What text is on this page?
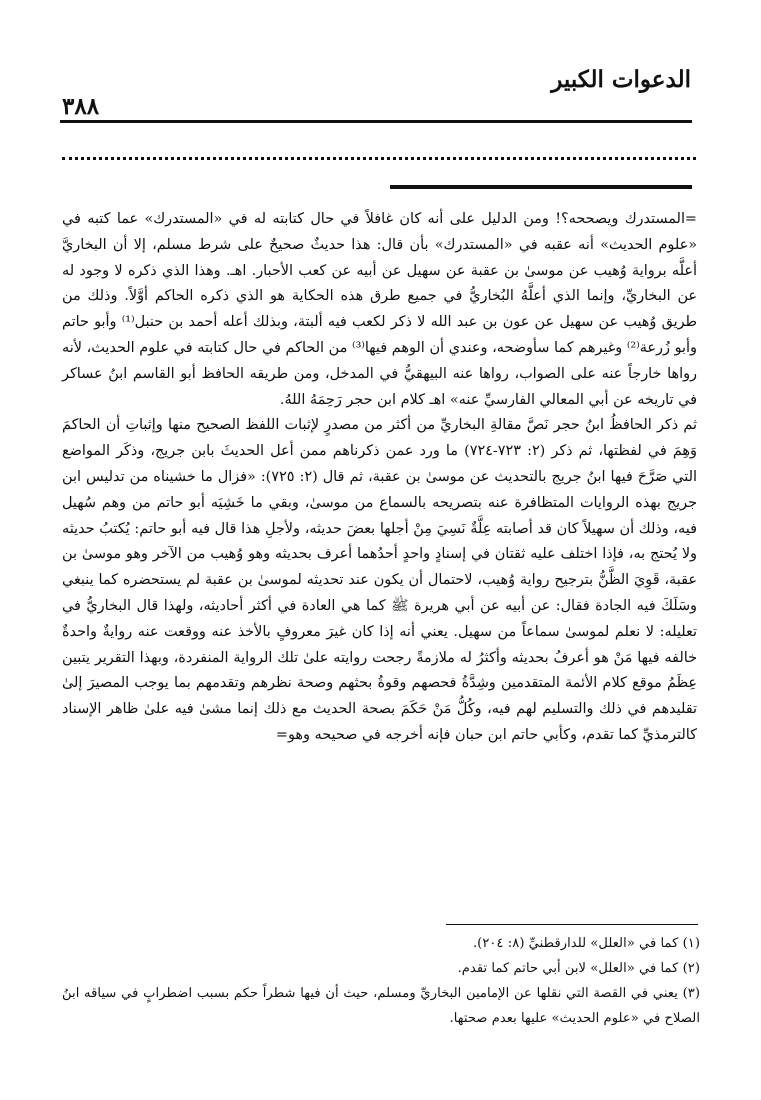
الدعوات الكبير
٣٨٨

=المستدرك ويصححه؟! ومن الدليل على أنه كان غافلاً في حال كتابته له في «المستدرك» عما كتبه في «علوم الحديث» أنه عقبه في «المستدرك» بأن قال: هذا حديثٌ صحيحٌ على شرط مسلم، إلا أن البخاريَّ أعلَّه برواية وُهيب عن موسىٰ بن عقبة عن سهيل عن أبيه عن كعب الأحبار. اهـ. وهذا الذي ذكره لا وجود له عن البخاريِّ، وإنما الذي أعلَّهُ البُخاريُّ في جميع طرق هذه الحكاية هو الذي ذكره الحاكم أوَّلاً. وذلك من طريق وُهيب عن سهيل عن عون بن عبد الله لا ذكر لكعب فيه ألبتة، وبذلك أعله أحمد بن حنبل⁽¹⁾ وأبو حاتم وأبو زُرعة⁽²⁾ وغيرهم كما سأوضحه، وعندي أن الوهم فيها⁽³⁾ من الحاكم في حال كتابته في علوم الحديث، لأنه رواها خارجاً عنه على الصواب، رواها عنه البيهقيُّ في المدخل، ومن طريقه الحافظ أبو القاسم ابنُ عساكر في تاريخه عن أبي المعالي الفارسيِّ عنه» اهـ كلام ابن حجر رَحِمَهُ اللهُ.

ثم ذكر الحافظُ ابنُ حجر نَصَّ مقالةِ البخاريِّ من أكثر من مصدرٍ لإثبات اللفظ الصحيح منها وإثباتِ أن الحاكمَ وَهِمَ في لفظتها، ثم ذكر (٢: ٧٢٣-٧٢٤) ما ورد عمن ذكرناهم ممن أعل الحديثَ بابن جريج، وذكَر المواضع التي صَرَّحَ فيها ابنُ جريج بالتحديث عن موسىٰ بن عقبة، ثم قال (٢: ٧٢٥): «فزال ما خشيناه من تدليس ابن جريج بهذه الروايات المتظافرة عنه بتصريحه بالسماع من موسىٰ، وبقي ما خَشِيَه أبو حاتم من وهم سُهيل فيه، وذلك أن سهيلاً كان قد أصابته عِلَّةٌ نَسِيَ مِنْ أجلها بعضَ حديثه، ولأجلِ هذا قال فيه أبو حاتم: يُكتبُ حديثه ولا يُحتج به، فإذا اختلف عليه ثقتان في إسنادٍ واحدٍ أحدُهما أعرف بحديثه وهو وُهيب من الآخر وهو موسىٰ بن عقبة، قَوِيَ الظَّنُّ بترجيح رواية وُهيب، لاحتمال أن يكون عند تحديثه لموسىٰ بن عقبة لم يستحضره كما ينبغي وسَلَكَ فيه الجادة فقال: عن أبيه عن أبي هريرة ﷺ كما هي العادة في أكثر أحاديثه، ولهذا قال البخاريُّ في تعليله: لا نعلم لموسىٰ سماعاً من سهيل. يعني أنه إذا كان غيرَ معروفٍ بالأخذ عنه ووقعت عنه روايةٌ واحدةٌ خالفه فيها مَنْ هو أعرفُ بحديثه وأكثرُ له ملازمةً رجحت روايته علىٰ تلك الرواية المنفردة، وبهذا التقرير يتبين عِظَمُ موقع كلام الأئمة المتقدمين وشِدَّةُ فحصهم وقوةُ بحثهم وصحة نظرهم وتقدمهم بما يوجب المصيرَ إلىٰ تقليدهم في ذلك والتسليم لهم فيه، وكُلُّ مَنْ حَكَمَ بصحة الحديث مع ذلك إنما مشىٰ فيه علىٰ ظاهر الإسناد كالترمذيِّ كما تقدم، وكأبي حاتم ابن حبان فإنه أخرجه في صحيحه وهو=

(١) كما في «العلل» للدارقطنيِّ (٨: ٢٠٤).

(٢) كما في «العلل» لابن أبي حاتم كما تقدم.

(٣) يعني في القصة التي نقلها عن الإمامين البخاريِّ ومسلم، حيث أن فيها شطراً حكم بسبب اضطرابٍ في سياقه ابنُ الصلاح في «علوم الحديث» عليها بعدم صحتها.
